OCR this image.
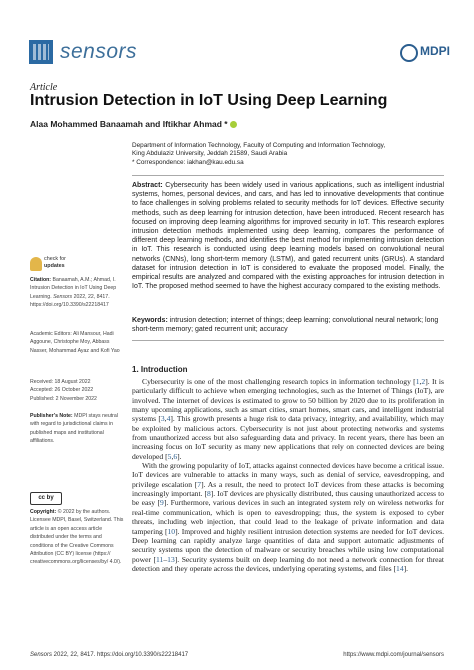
sensors	MDPI
Article
Intrusion Detection in IoT Using Deep Learning
Alaa Mohammed Banaamah and Iftikhar Ahmad *
Department of Information Technology, Faculty of Computing and Information Technology,
King Abdulaziz University, Jeddah 21589, Saudi Arabia
* Correspondence: iakhan@kau.edu.sa
Abstract: Cybersecurity has been widely used in various applications, such as intelligent industrial systems, homes, personal devices, and cars, and has led to innovative developments that continue to face challenges in solving problems related to security methods for IoT devices. Effective security methods, such as deep learning for intrusion detection, have been introduced. Recent research has focused on improving deep learning algorithms for improved security in IoT. This research explores intrusion detection methods implemented using deep learning, compares the performance of different deep learning methods, and identifies the best method for implementing intrusion detection in IoT. This research is conducted using deep learning models based on convolutional neural networks (CNNs), long short-term memory (LSTM), and gated recurrent units (GRUs). A standard dataset for intrusion detection in IoT is considered to evaluate the proposed model. Finally, the empirical results are analyzed and compared with the existing approaches for intrusion detection in IoT. The proposed method seemed to have the highest accuracy compared to the existing methods.
Keywords: intrusion detection; internet of things; deep learning; convolutional neural network; long short-term memory; gated recurrent unit; accuracy
check for
updates

Citation: Banaamah, A.M.; Ahmad, I. Intrusion Detection in IoT Using Deep Learning. Sensors 2022, 22, 8417. https://doi.org/10.3390/s22218417

Academic Editors: Ali Mansour, Hadi Aggoune, Christophe Moy, Abbass Nasser, Mohammad Ayaz and Kofi Yao

Received: 18 August 2022
Accepted: 26 October 2022
Published: 2 November 2022

Publisher’s Note: MDPI stays neutral with regard to jurisdictional claims in published maps and institutional affiliations.

cc by

Copyright: © 2022 by the authors. Licensee MDPI, Basel, Switzerland. This article is an open access article distributed under the terms and conditions of the Creative Commons Attribution (CC BY) license (https:// creativecommons.org/licenses/by/ 4.0/).

1. Introduction

Cybersecurity is one of the most challenging research topics in information technology [1,2]. It is particularly difficult to achieve when emerging technologies, such as the Internet of Things (IoT), are involved. The internet of devices is estimated to grow to 50 billion by 2020 due to its proliferation in many upcoming applications, such as smart cities, smart homes, smart cars, and intelligent industrial systems [3,4]. This growth presents a huge risk to data privacy, integrity, and availability, which may be exploited by malicious actors. Cybersecurity is not just about protecting networks and systems from unauthorized access but also safeguarding data and privacy. In recent years, there has been an increasing focus on IoT security as many new applications that rely on connected devices are being developed [5,6].

With the growing popularity of IoT, attacks against connected devices have become a critical issue. IoT devices are vulnerable to attacks in many ways, such as denial of service, eavesdropping, and privilege escalation [7]. As a result, the need to protect IoT devices from these attacks is becoming increasingly important. [8]. IoT devices are physically distributed, thus causing unauthorized access to be easy [9]. Furthermore, various devices in such an integrated system rely on wireless networks for real-time communication, which is open to eavesdropping; thus, the system is exposed to cyber threats, including web injection, that could lead to the leakage of private information and data tampering [10]. Improved and highly resilient intrusion detection systems are needed for IoT devices. Deep learning can rapidly analyze large quantities of data and support automatic adjustments of security systems upon the detection of malware or security breaches while using low computational power [11–13]. Security systems built on deep learning do not need a network connection for threat detection and they operate across the devices, underlying operating systems, and files [14].

Sensors 2022, 22, 8417. https://doi.org/10.3390/s22218417	https://www.mdpi.com/journal/sensors
